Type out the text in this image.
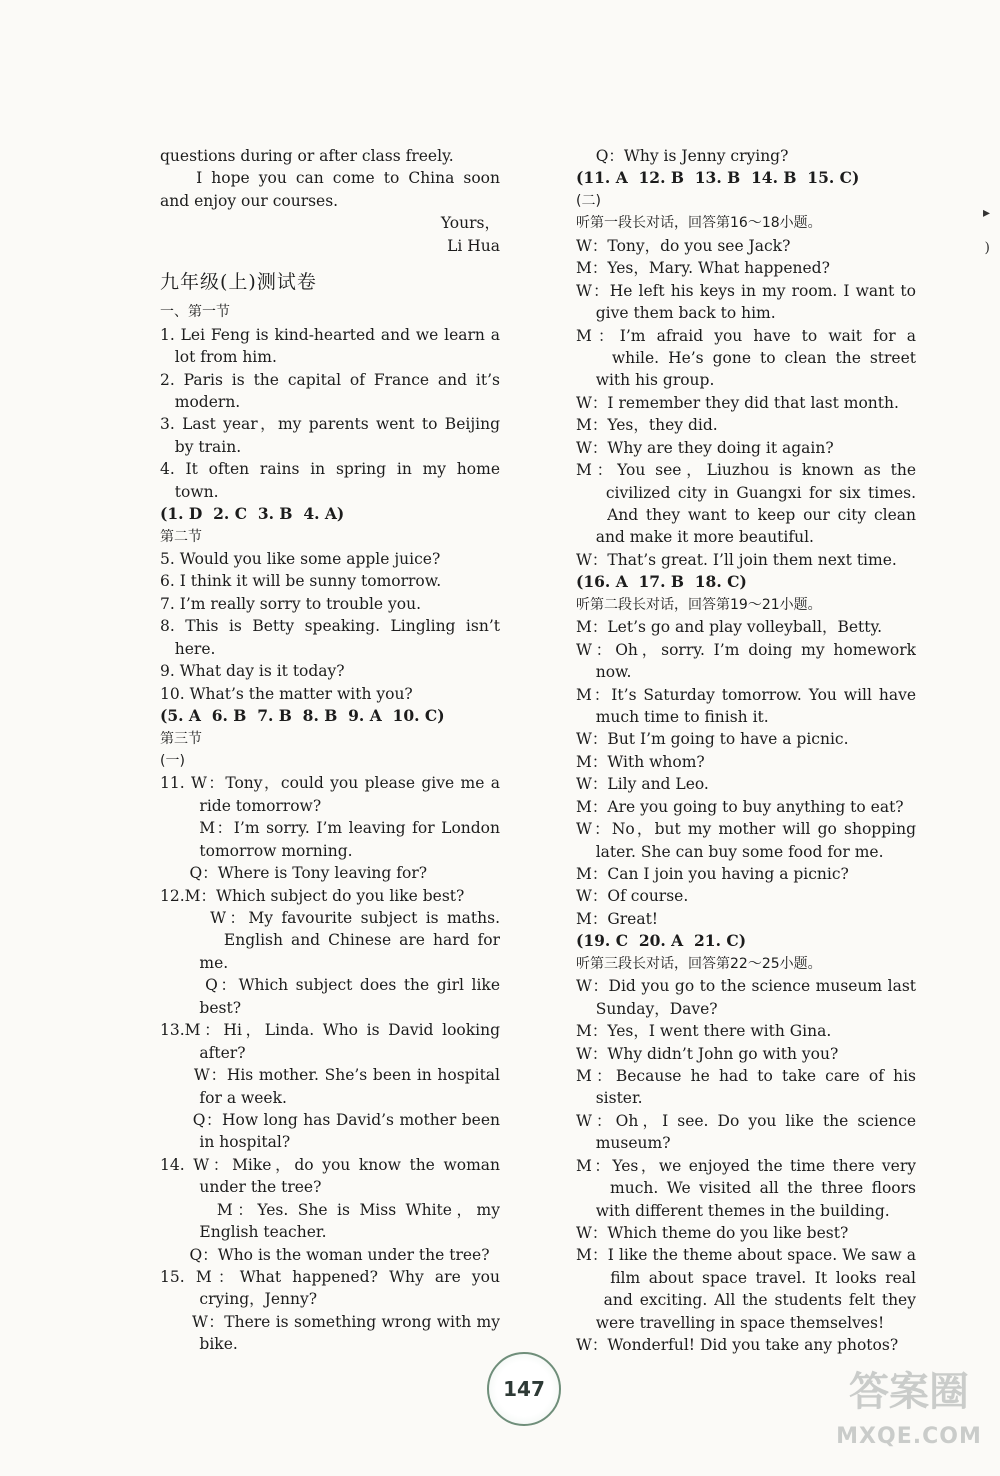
questions during or after class freely.
I hope you can come to China soon
and enjoy our courses.
Yours，
Li Hua
九年级(上)测试卷
一、第一节
1. Lei Feng is kind-hearted and we learn a
lot from him.
2. Paris is the capital of France and it’s
modern.
3. Last year，my parents went to Beijing
by train.
4. It often rains in spring in my home
town.
(1. D  2. C  3. B  4. A)
第二节
5. Would you like some apple juice?
6. I think it will be sunny tomorrow.
7. I’m really sorry to trouble you.
8. This is Betty speaking. Lingling isn’t
here.
9. What day is it today?
10. What’s the matter with you?
(5. A  6. B  7. B  8. B  9. A  10. C)
第三节
(一)
11. W：Tony，could you please give me a
ride tomorrow?
M：I’m sorry. I’m leaving for London
tomorrow morning.
Q：Where is Tony leaving for?
12.M：Which subject do you like best?
W：My favourite subject is maths.
English and Chinese are hard for
me.
Q：Which subject does the girl like
best?
13.M：Hi，Linda. Who is David looking
after?
W：His mother. She’s been in hospital
for a week.
Q：How long has David’s mother been
in hospital?
14. W：Mike，do you know the woman
under the tree?
M：Yes. She is Miss White，my
English teacher.
Q：Who is the woman under the tree?
15. M：What happened? Why are you
crying，Jenny?
W：There is something wrong with my
bike.
Q：Why is Jenny crying?
(11. A  12. B  13. B  14. B  15. C)
(二)
听第一段长对话，回答第16～18小题。
W：Tony，do you see Jack?
M：Yes，Mary. What happened?
W：He left his keys in my room. I want to
give them back to him.
M：I’m afraid you have to wait for a
while. He’s gone to clean the street
with his group.
W：I remember they did that last month.
M：Yes，they did.
W：Why are they doing it again?
M：You see，Liuzhou is known as the
civilized city in Guangxi for six times.
And they want to keep our city clean
and make it more beautiful.
W：That’s great. I’ll join them next time.
(16. A  17. B  18. C)
听第二段长对话，回答第19～21小题。
M：Let’s go and play volleyball，Betty.
W：Oh，sorry. I’m doing my homework
now.
M：It’s Saturday tomorrow. You will have
much time to finish it.
W：But I’m going to have a picnic.
M：With whom?
W：Lily and Leo.
M：Are you going to buy anything to eat?
W：No，but my mother will go shopping
later. She can buy some food for me.
M：Can I join you having a picnic?
W：Of course.
M：Great!
(19. C  20. A  21. C)
听第三段长对话，回答第22～25小题。
W：Did you go to the science museum last
Sunday，Dave?
M：Yes，I went there with Gina.
W：Why didn’t John go with you?
M：Because he had to take care of his
sister.
W：Oh，I see. Do you like the science
museum?
M：Yes，we enjoyed the time there very
much. We visited all the three floors
with different themes in the building.
W：Which theme do you like best?
M：I like the theme about space. We saw a
film about space travel. It looks real
and exciting. All the students felt they
were travelling in space themselves!
W：Wonderful! Did you take any photos?
▸
)
147	答案圈
MXQE.COM
